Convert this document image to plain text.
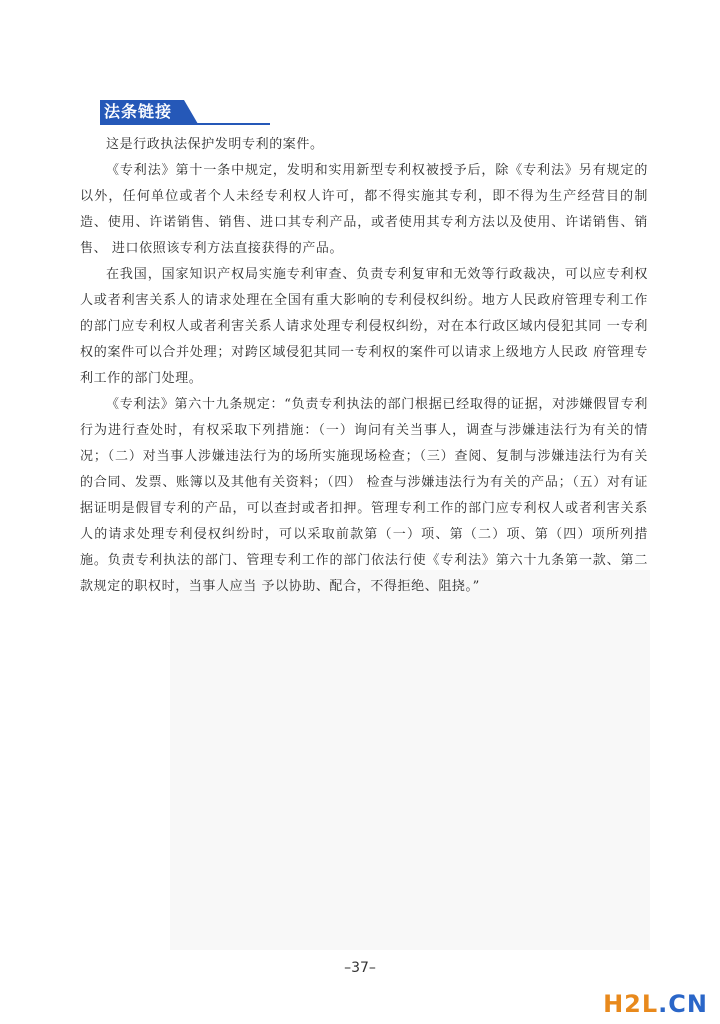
法条链接

这是行政执法保护发明专利的案件。

《专利法》第十一条中规定，发明和实用新型专利权被授予后，除《专利法》另有规定的以外，任何单位或者个人未经专利权人许可，都不得实施其专利，即不得为生产经营目的制造、使用、许诺销售、销售、进口其专利产品，或者使用其专利方法以及使用、许诺销售、销售、 进口依照该专利方法直接获得的产品。

在我国，国家知识产权局实施专利审查、负责专利复审和无效等行政裁决，可以应专利权人或者利害关系人的请求处理在全国有重大影响的专利侵权纠纷。地方人民政府管理专利工作的部门应专利权人或者利害关系人请求处理专利侵权纠纷，对在本行政区域内侵犯其同 一专利权的案件可以合并处理；对跨区域侵犯其同一专利权的案件可以请求上级地方人民政 府管理专利工作的部门处理。

《专利法》第六十九条规定：“负责专利执法的部门根据已经取得的证据，对涉嫌假冒专利行为进行查处时，有权采取下列措施：（一）询问有关当事人，调查与涉嫌违法行为有关的情况；（二）对当事人涉嫌违法行为的场所实施现场检查；（三）查阅、复制与涉嫌违法行为有关的合同、发票、账簿以及其他有关资料；（四） 检查与涉嫌违法行为有关的产品；（五）对有证据证明是假冒专利的产品，可以查封或者扣押。管理专利工作的部门应专利权人或者利害关系人的请求处理专利侵权纠纷时，可以采取前款第（一）项、第（二）项、第（四）项所列措施。负责专利执法的部门、管理专利工作的部门依法行使《专利法》第六十九条第一款、第二款规定的职权时，当事人应当 予以协助、配合，不得拒绝、阻挠。”

–37–
H2L.CN
